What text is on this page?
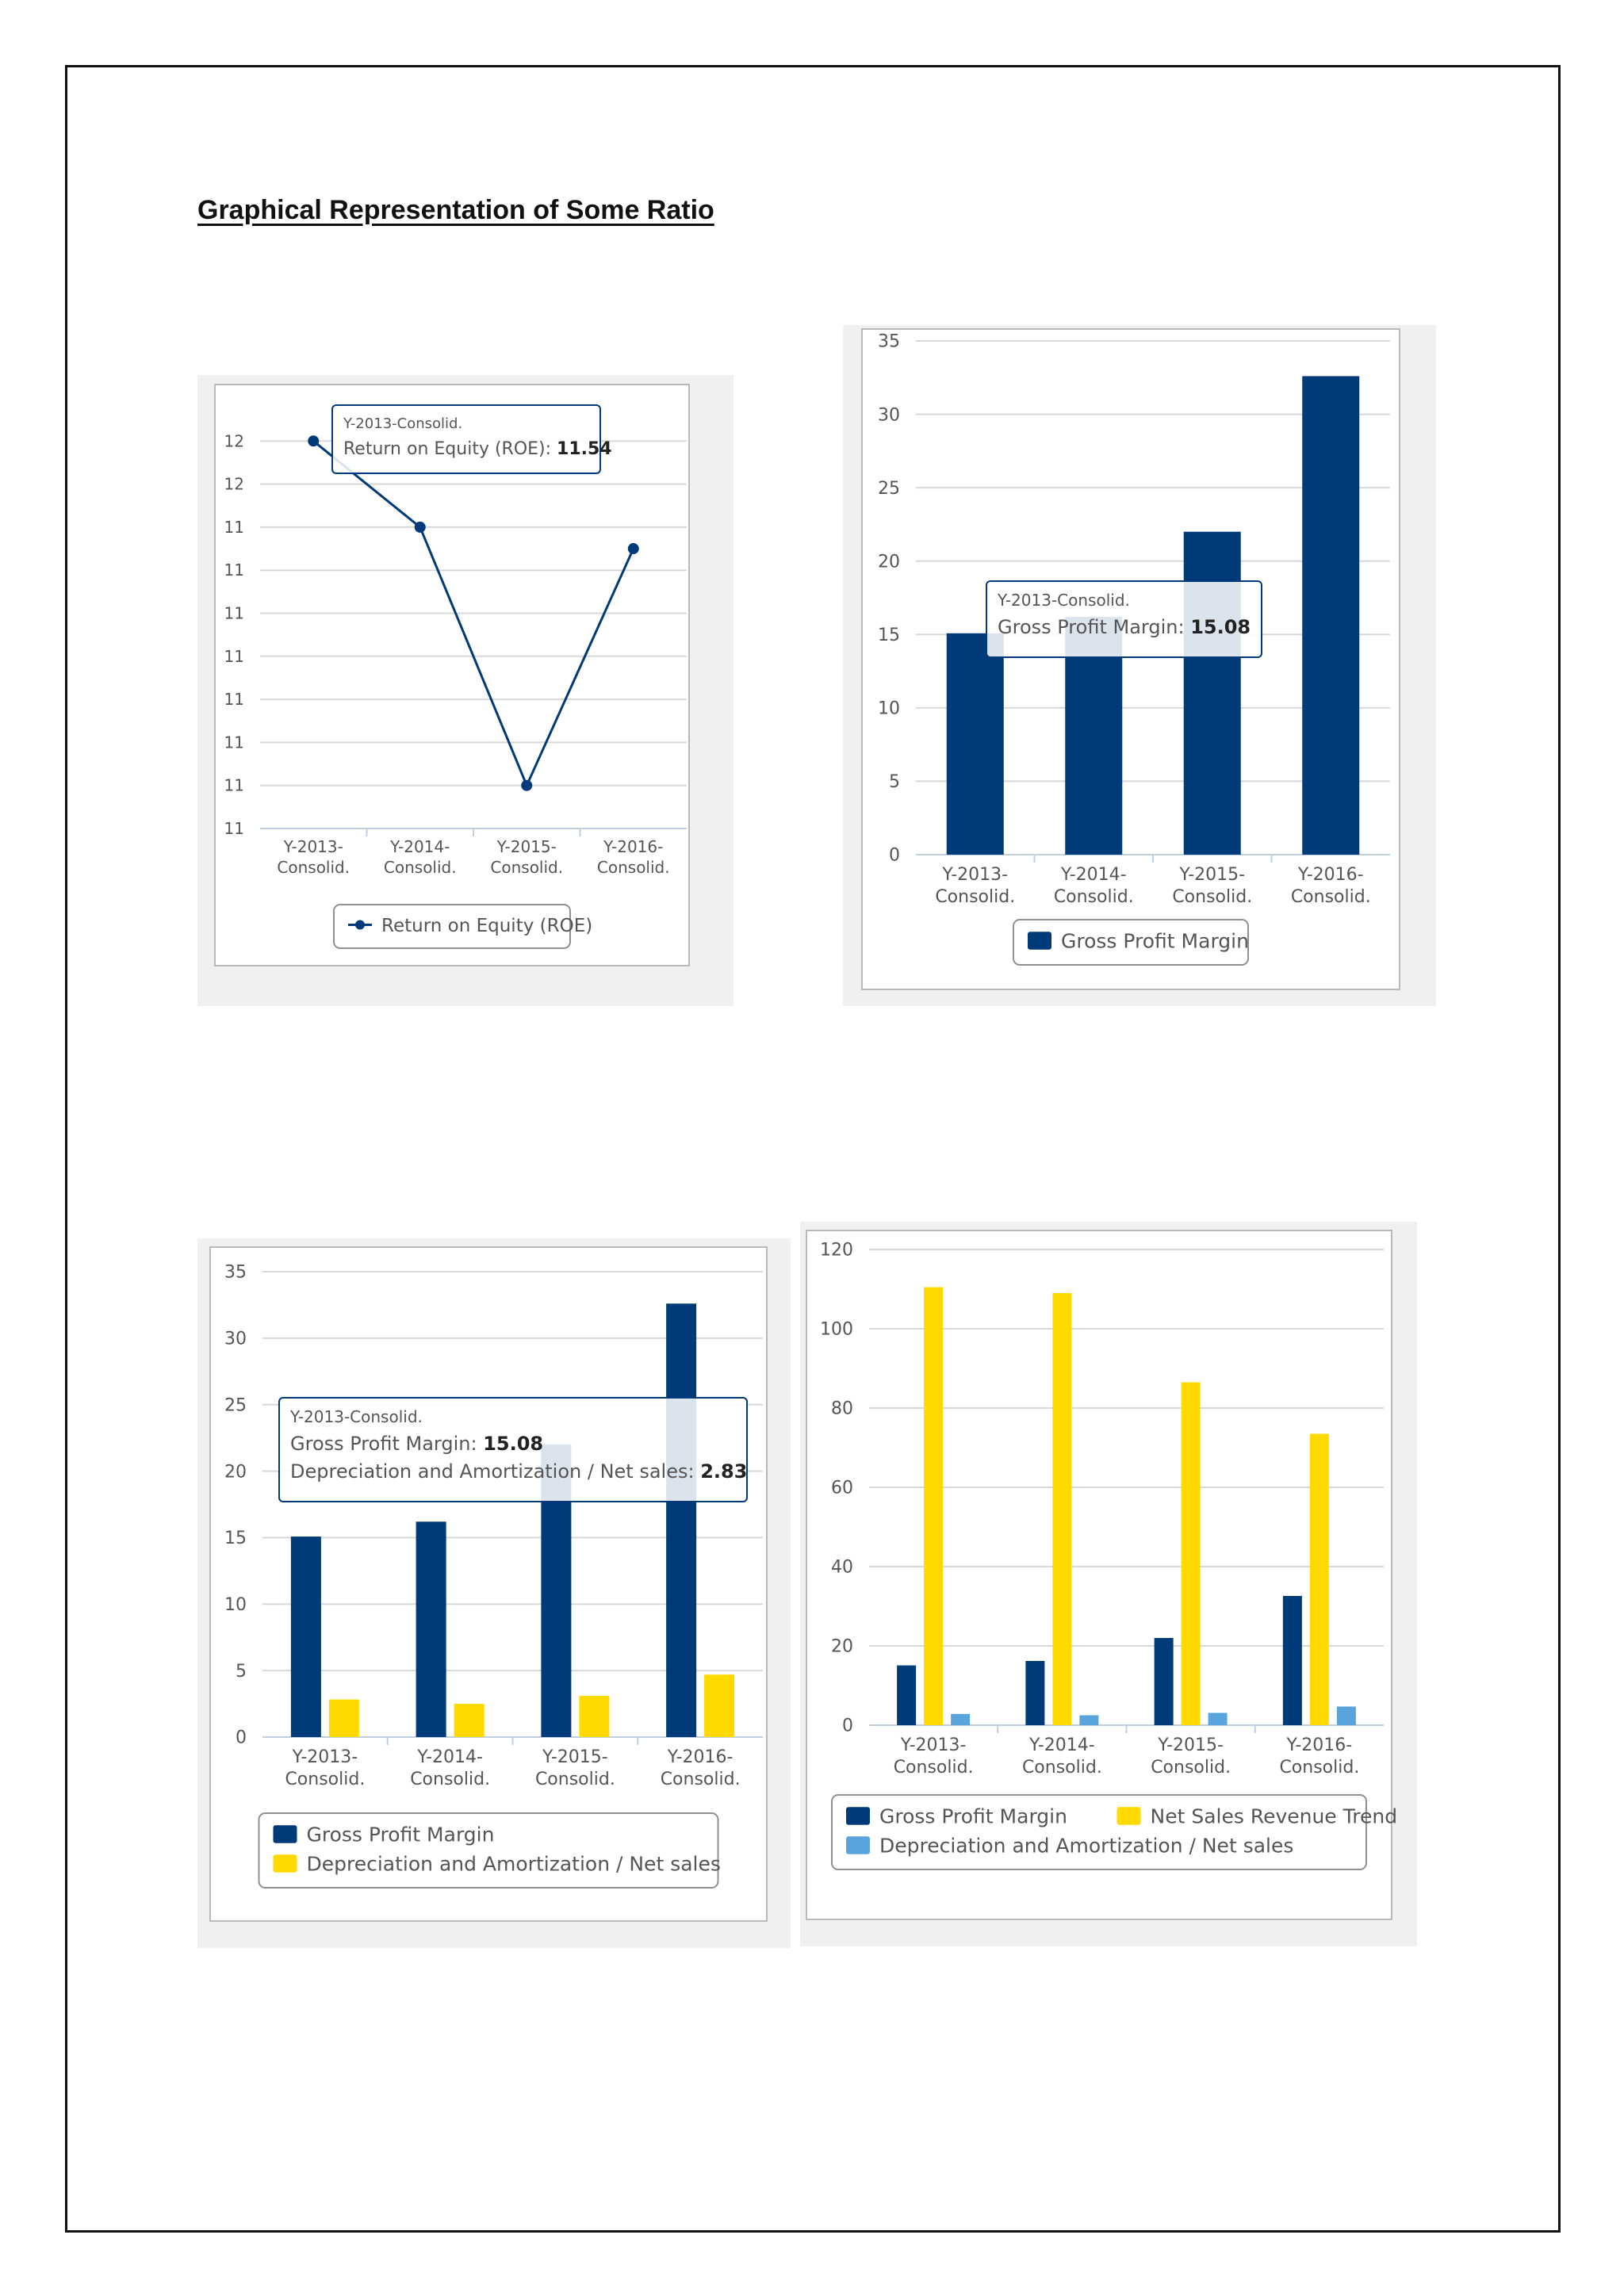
Graphical Representation of Some Ratio
11
11
11
11
11
11
11
11
12
12
Y-2013-
Consolid.
Y-2014-
Consolid.
Y-2015-
Consolid.
Y-2016-
Consolid.
Return on Equity (ROE)
Y-2013-Consolid.
Return on Equity (ROE): 11.54
0
5
10
15
20
25
30
35
Y-2013-
Consolid.
Y-2014-
Consolid.
Y-2015-
Consolid.
Y-2016-
Consolid.
Gross Profit Margin
Y-2013-Consolid.
Gross Profit Margin: 15.08
0
5
10
15
20
25
30
35
Y-2013-
Consolid.
Y-2014-
Consolid.
Y-2015-
Consolid.
Y-2016-
Consolid.
Gross Profit Margin
Depreciation and Amortization / Net sales
Y-2013-Consolid.
Gross Profit Margin: 15.08
Depreciation and Amortization / Net sales: 2.83
0
20
40
60
80
100
120
Y-2013-
Consolid.
Y-2014-
Consolid.
Y-2015-
Consolid.
Y-2016-
Consolid.
Gross Profit Margin	Net Sales Revenue Trend
Depreciation and Amortization / Net sales
